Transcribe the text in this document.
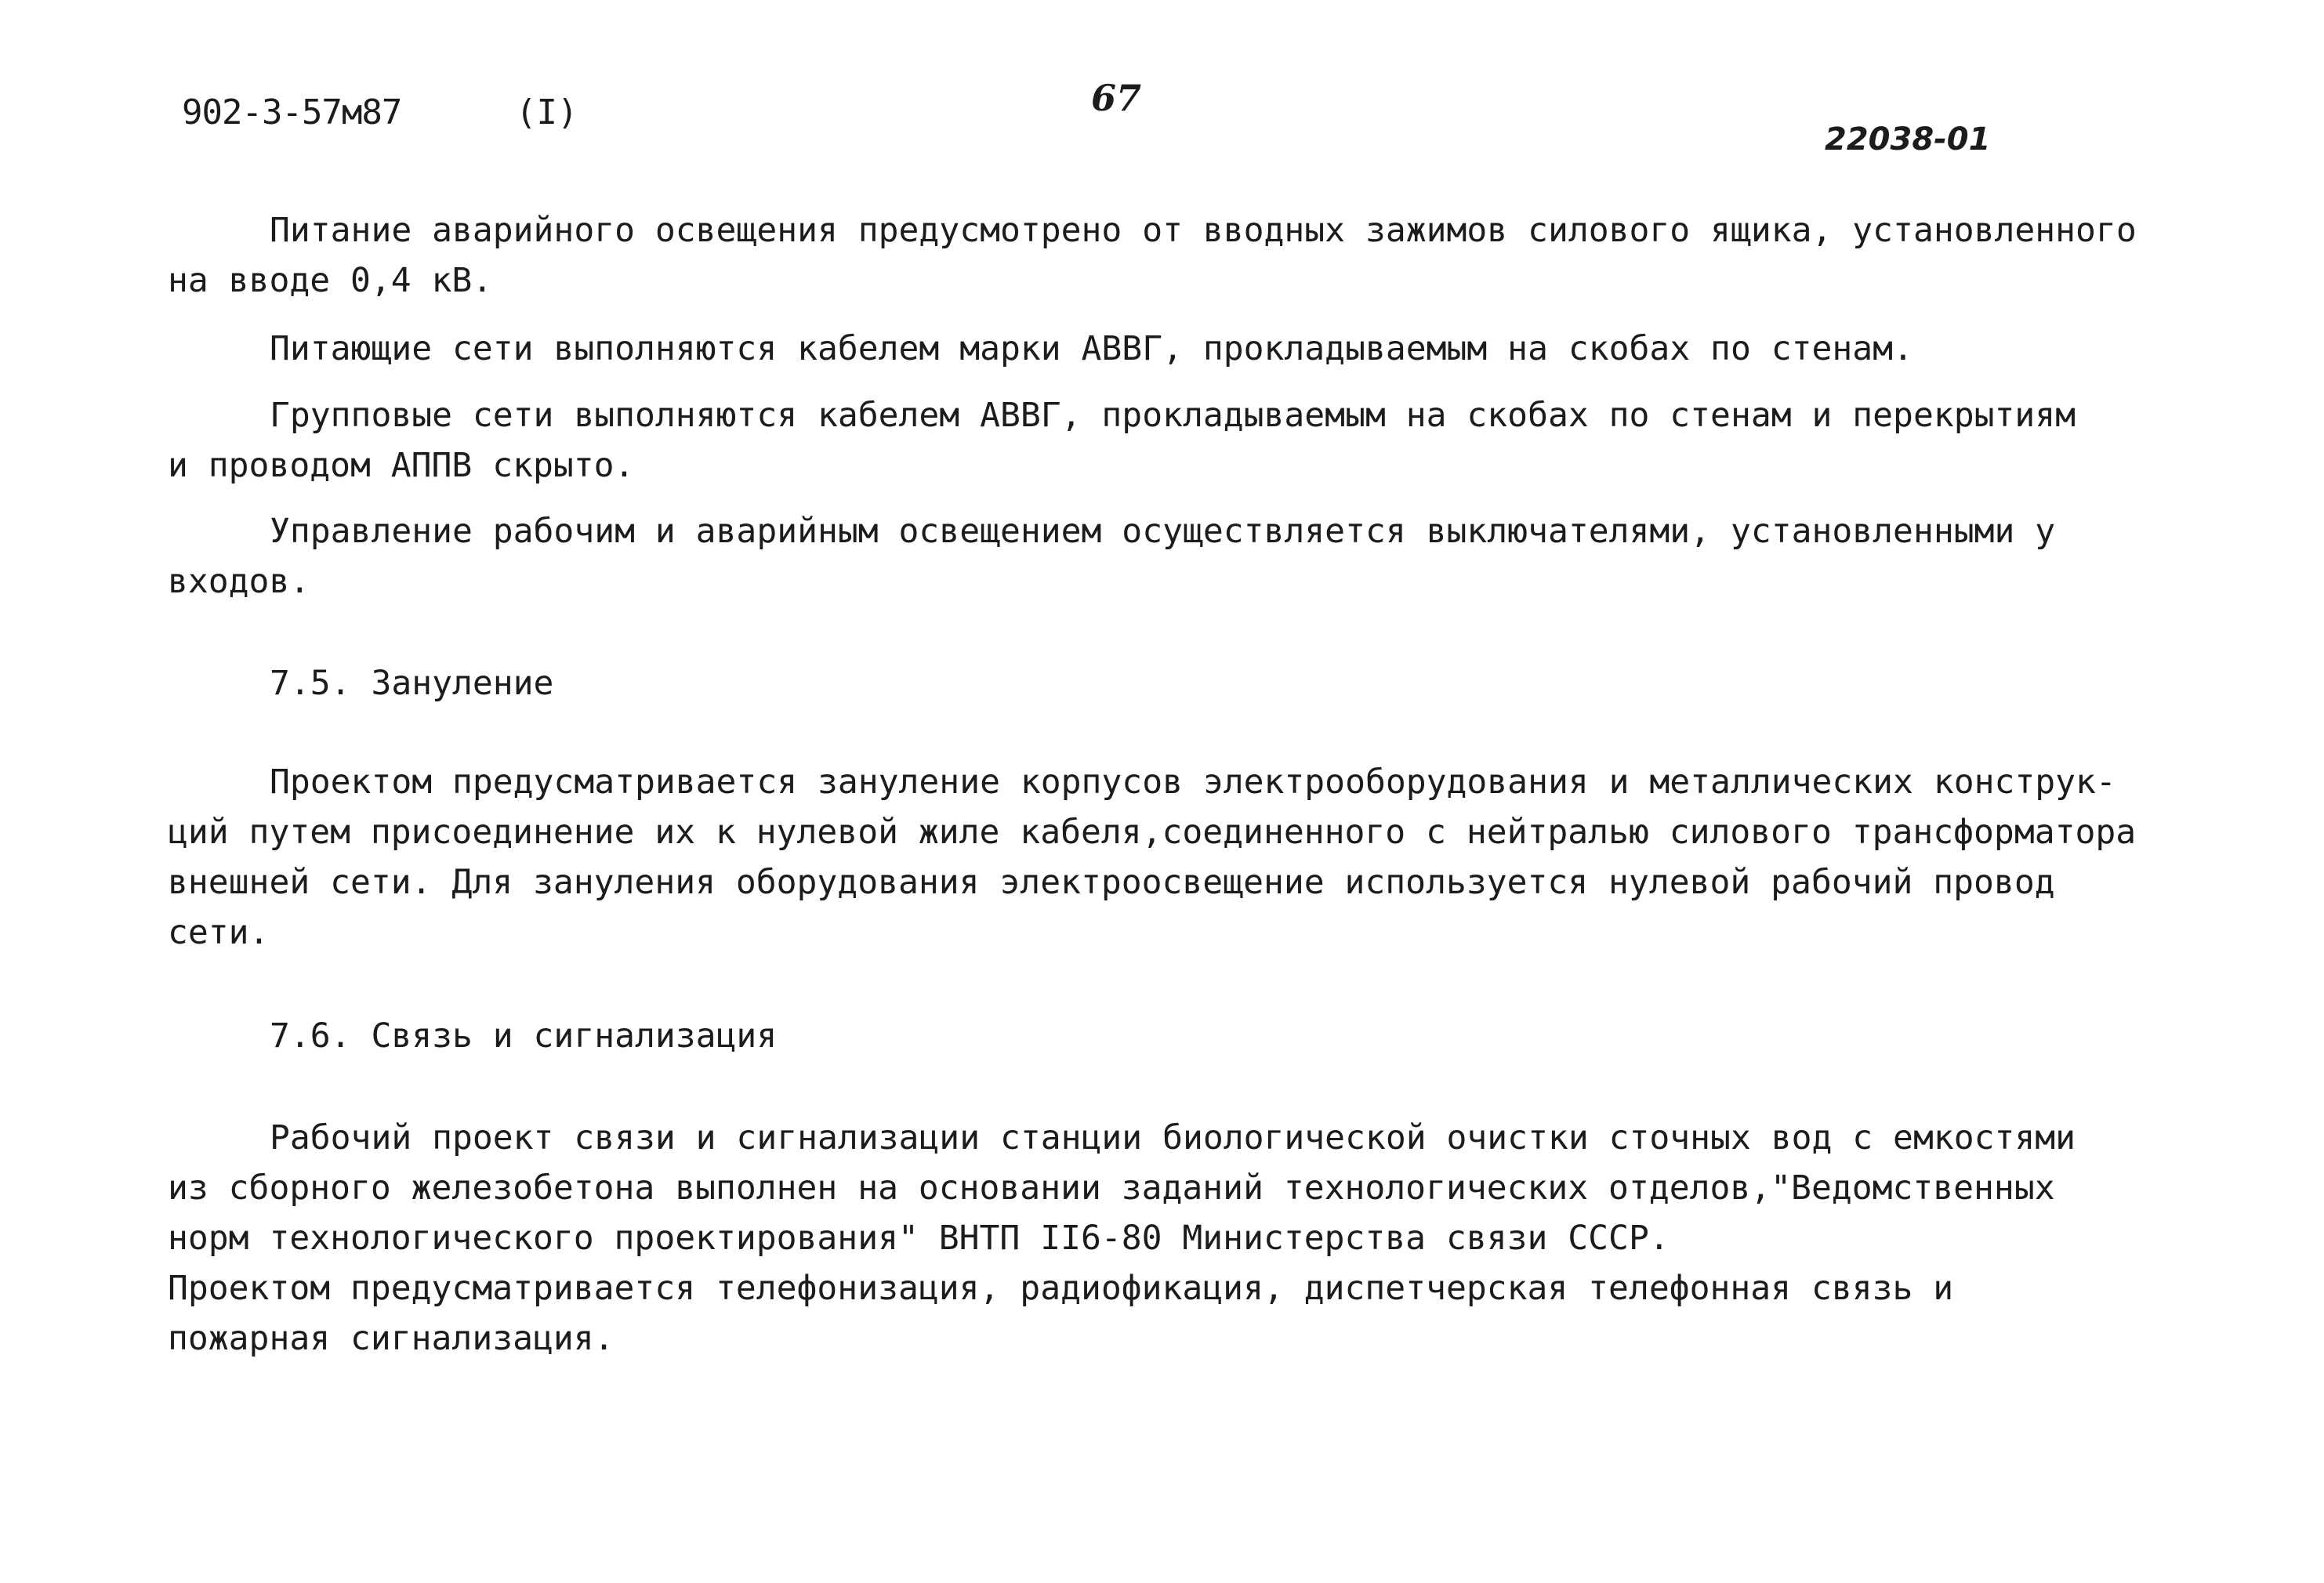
902-3-57м87	(I)	67
22038-01

Питание аварийного освещения предусмотрено от вводных зажимов силового ящика, установленного
на вводе 0,4 кВ.

Питающие сети выполняются кабелем марки АВВГ, прокладываемым на скобах по стенам.

Групповые сети выполняются кабелем АВВГ, прокладываемым на скобах по стенам и перекрытиям
и проводом АППВ скрыто.

Управление рабочим и аварийным освещением осуществляется выключателями, установленными у
входов.

7.5. Зануление

Проектом предусматривается зануление корпусов электрооборудования и металлических конструк-
ций путем присоединение их к нулевой жиле кабеля,соединенного с нейтралью силового трансформатора
внешней сети. Для зануления оборудования электроосвещение используется нулевой рабочий провод
сети.

7.6. Связь и сигнализация

Рабочий проект связи и сигнализации станции биологической очистки сточных вод с емкостями
из сборного железобетона выполнен на основании заданий технологических отделов,"Ведомственных
норм технологического проектирования" ВНТП II6-80 Министерства связи СССР.

Проектом предусматривается телефонизация, радиофикация, диспетчерская телефонная связь и
пожарная сигнализация.
